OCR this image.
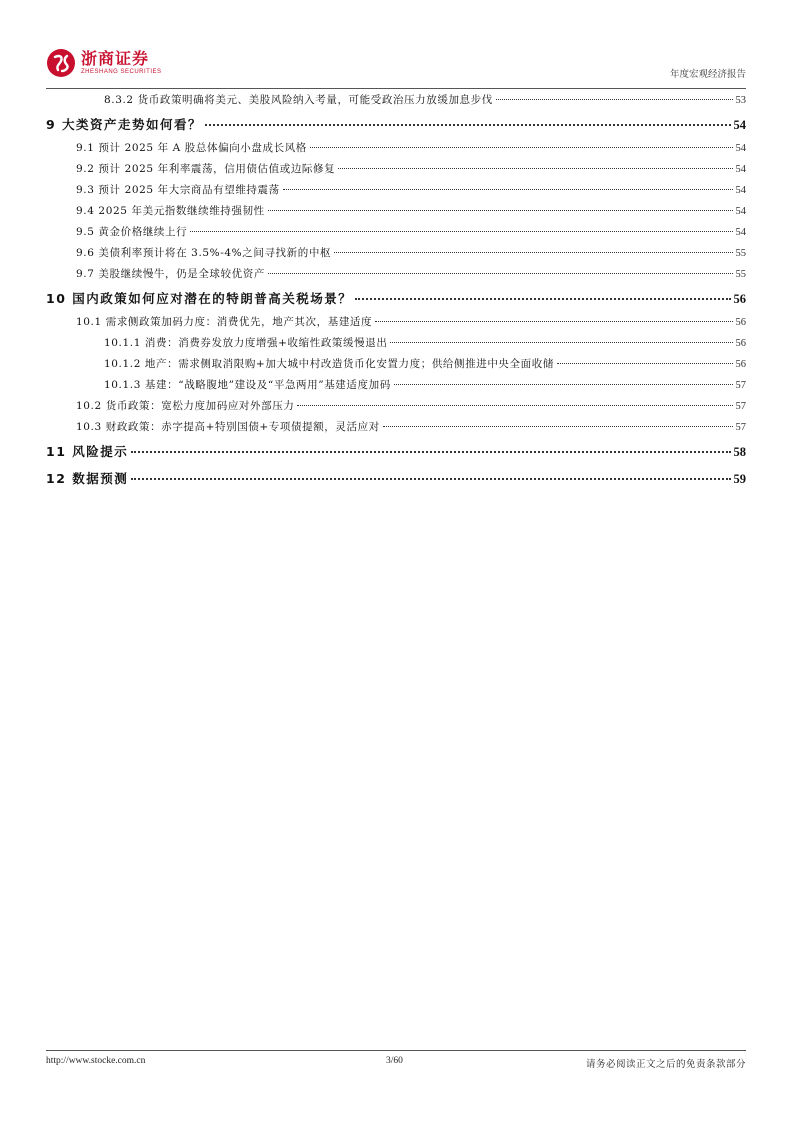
浙商证券
ZHESHANG SECURITIES	年度宏观经济报告
8.3.2 货币政策明确将美元、美股风险纳入考量，可能受政治压力放缓加息步伐	53
9 大类资产走势如何看？	54
9.1 预计 2025 年 A 股总体偏向小盘成长风格	54
9.2 预计 2025 年利率震荡，信用债估值或边际修复	54
9.3 预计 2025 年大宗商品有望维持震荡	54
9.4 2025 年美元指数继续维持强韧性	54
9.5 黄金价格继续上行	54
9.6 美债利率预计将在 3.5%-4%之间寻找新的中枢	55
9.7 美股继续慢牛，仍是全球较优资产	55
10 国内政策如何应对潜在的特朗普高关税场景？	56
10.1 需求侧政策加码力度：消费优先，地产其次，基建适度	56
10.1.1 消费：消费券发放力度增强+收缩性政策缓慢退出	56
10.1.2 地产：需求侧取消限购+加大城中村改造货币化安置力度；供给侧推进中央全面收储	56
10.1.3 基建：“战略腹地”建设及“平急两用”基建适度加码	57
10.2 货币政策：宽松力度加码应对外部压力	57
10.3 财政政策：赤字提高+特别国债+专项债提额，灵活应对	57
11 风险提示	58
12 数据预测	59
http://www.stocke.com.cn	3/60	请务必阅读正文之后的免责条款部分
